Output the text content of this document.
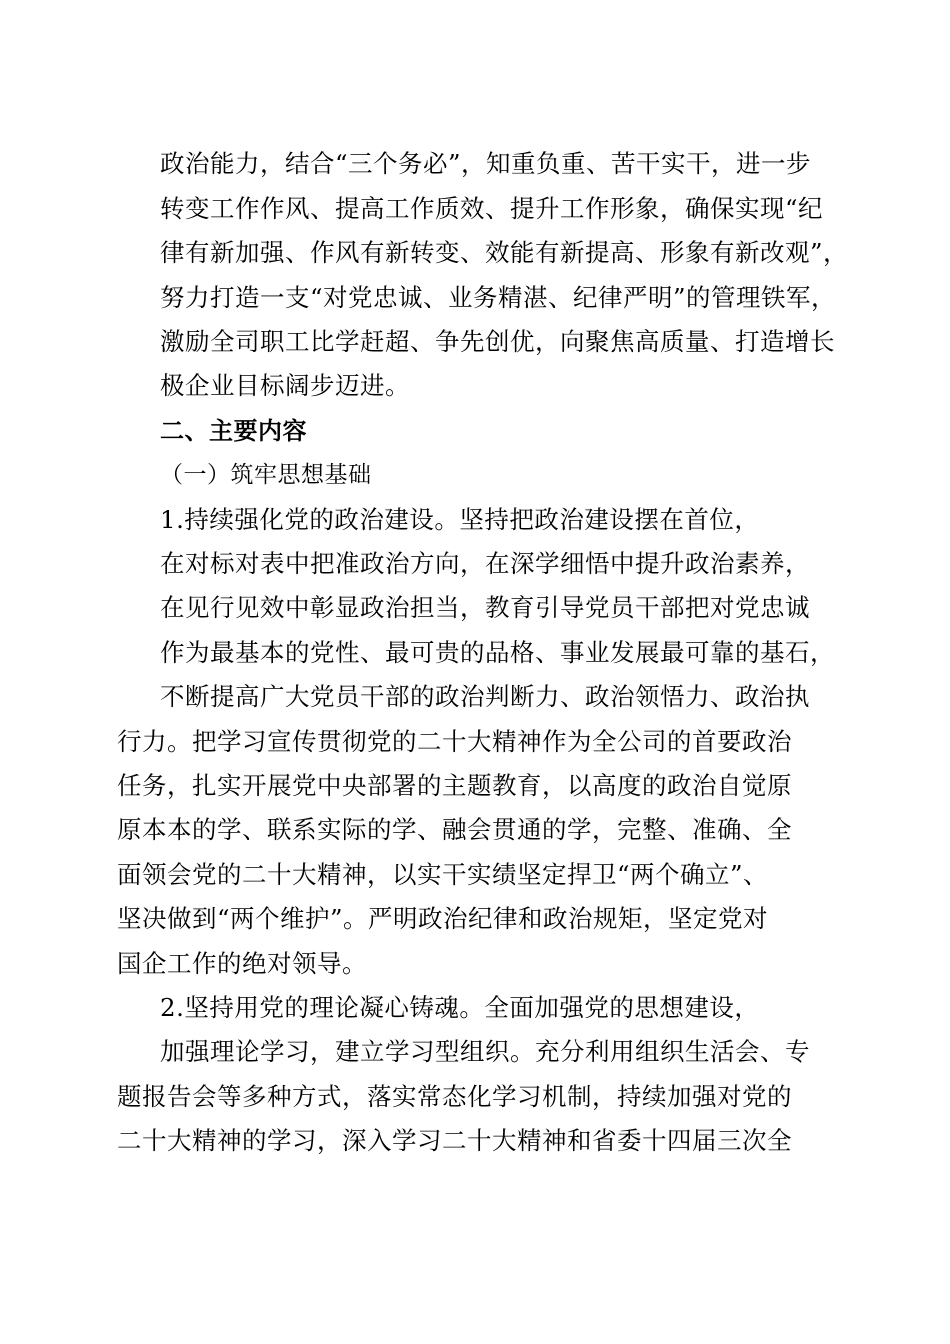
政治能力，结合“三个务必”，知重负重、苦干实干，进一步
转变工作作风、提高工作质效、提升工作形象，确保实现“纪
律有新加强、作风有新转变、效能有新提高、形象有新改观”，
努力打造一支“对党忠诚、业务精湛、纪律严明”的管理铁军，
激励全司职工比学赶超、争先创优，向聚焦高质量、打造增长
极企业目标阔步迈进。
二、主要内容
（一）筑牢思想基础
1.持续强化党的政治建设。坚持把政治建设摆在首位，
在对标对表中把准政治方向，在深学细悟中提升政治素养，
在见行见效中彰显政治担当，教育引导党员干部把对党忠诚
作为最基本的党性、最可贵的品格、事业发展最可靠的基石，
不断提高广大党员干部的政治判断力、政治领悟力、政治执
行力。把学习宣传贯彻党的二十大精神作为全公司的首要政治
任务，扎实开展党中央部署的主题教育，以高度的政治自觉原
原本本的学、联系实际的学、融会贯通的学，完整、准确、全
面领会党的二十大精神，以实干实绩坚定捍卫“两个确立”、
坚决做到“两个维护”。严明政治纪律和政治规矩，坚定党对
国企工作的绝对领导。
2.坚持用党的理论凝心铸魂。全面加强党的思想建设，
加强理论学习，建立学习型组织。充分利用组织生活会、专
题报告会等多种方式，落实常态化学习机制，持续加强对党的
二十大精神的学习，深入学习二十大精神和省委十四届三次全
